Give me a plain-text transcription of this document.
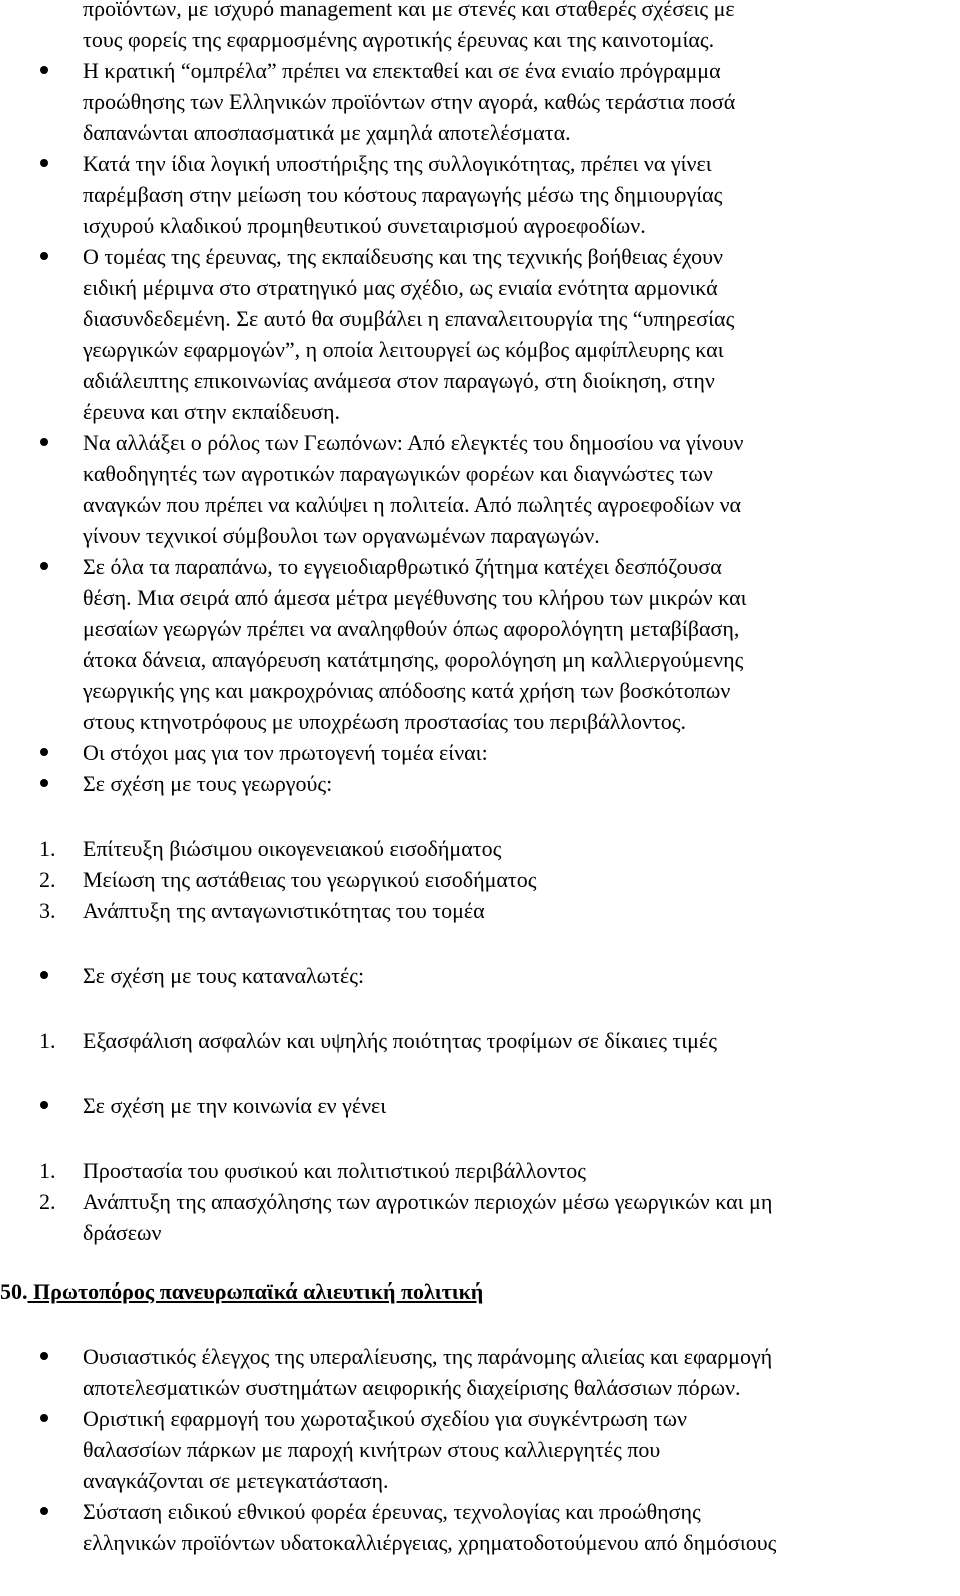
προϊόντων, με ισχυρό management και με στενές και σταθερές σχέσεις με

τους φορείς της εφαρμοσμένης αγροτικής έρευνας και της καινοτομίας.

Η κρατική “ομπρέλα” πρέπει να επεκταθεί και σε ένα ενιαίο πρόγραμμα

προώθησης των Ελληνικών προϊόντων στην αγορά, καθώς τεράστια ποσά

δαπανώνται αποσπασματικά με χαμηλά αποτελέσματα.

Κατά την ίδια λογική υποστήριξης της συλλογικότητας, πρέπει να γίνει

παρέμβαση στην μείωση του κόστους παραγωγής μέσω της δημιουργίας

ισχυρού κλαδικού προμηθευτικού συνεταιρισμού αγροεφοδίων.

Ο τομέας της έρευνας, της εκπαίδευσης και της τεχνικής βοήθειας έχουν

ειδική μέριμνα στο στρατηγικό μας σχέδιο, ως ενιαία ενότητα αρμονικά

διασυνδεδεμένη. Σε αυτό θα συμβάλει η επαναλειτουργία της “υπηρεσίας

γεωργικών εφαρμογών”, η οποία λειτουργεί ως κόμβος αμφίπλευρης και

αδιάλειπτης επικοινωνίας ανάμεσα στον παραγωγό, στη διοίκηση, στην

έρευνα και στην εκπαίδευση.

Να αλλάξει ο ρόλος των Γεωπόνων: Από ελεγκτές του δημοσίου να γίνουν

καθοδηγητές των αγροτικών παραγωγικών φορέων και διαγνώστες των

αναγκών που πρέπει να καλύψει η πολιτεία. Από πωλητές αγροεφοδίων να

γίνουν τεχνικοί σύμβουλοι των οργανωμένων παραγωγών.

Σε όλα τα παραπάνω, το εγγειοδιαρθρωτικό ζήτημα κατέχει δεσπόζουσα

θέση. Μια σειρά από άμεσα μέτρα μεγέθυνσης του κλήρου των μικρών και

μεσαίων γεωργών πρέπει να αναληφθούν όπως αφορολόγητη μεταβίβαση,

άτοκα δάνεια, απαγόρευση κατάτμησης, φορολόγηση μη καλλιεργούμενης

γεωργικής γης και μακροχρόνιας απόδοσης κατά χρήση των βοσκότοπων

στους κτηνοτρόφους με υποχρέωση προστασίας του περιβάλλοντος.

Οι στόχοι μας για τον πρωτογενή τομέα είναι:

Σε σχέση με τους γεωργούς:

1.	Επίτευξη βιώσιμου οικογενειακού εισοδήματος

2.	Μείωση της αστάθειας του γεωργικού εισοδήματος

3.	Ανάπτυξη της ανταγωνιστικότητας του τομέα

Σε σχέση με τους καταναλωτές:

1.	Εξασφάλιση ασφαλών και υψηλής ποιότητας τροφίμων σε δίκαιες τιμές

Σε σχέση με την κοινωνία εν γένει

1.	Προστασία του φυσικού και πολιτιστικού περιβάλλοντος

2.	Ανάπτυξη της απασχόλησης των αγροτικών περιοχών μέσω γεωργικών και μη

δράσεων

50. Πρωτοπόρος πανευρωπαϊκά αλιευτική πολιτική

Ουσιαστικός έλεγχος της υπεραλίευσης, της παράνομης αλιείας και εφαρμογή

αποτελεσματικών συστημάτων αειφορικής διαχείρισης θαλάσσιων πόρων.

Οριστική εφαρμογή του χωροταξικού σχεδίου για συγκέντρωση των

θαλασσίων πάρκων με παροχή κινήτρων στους καλλιεργητές που

αναγκάζονται σε μετεγκατάσταση.

Σύσταση ειδικού εθνικού φορέα έρευνας, τεχνολογίας και προώθησης

ελληνικών προϊόντων υδατοκαλλιέργειας, χρηματοδοτούμενου από δημόσιους
